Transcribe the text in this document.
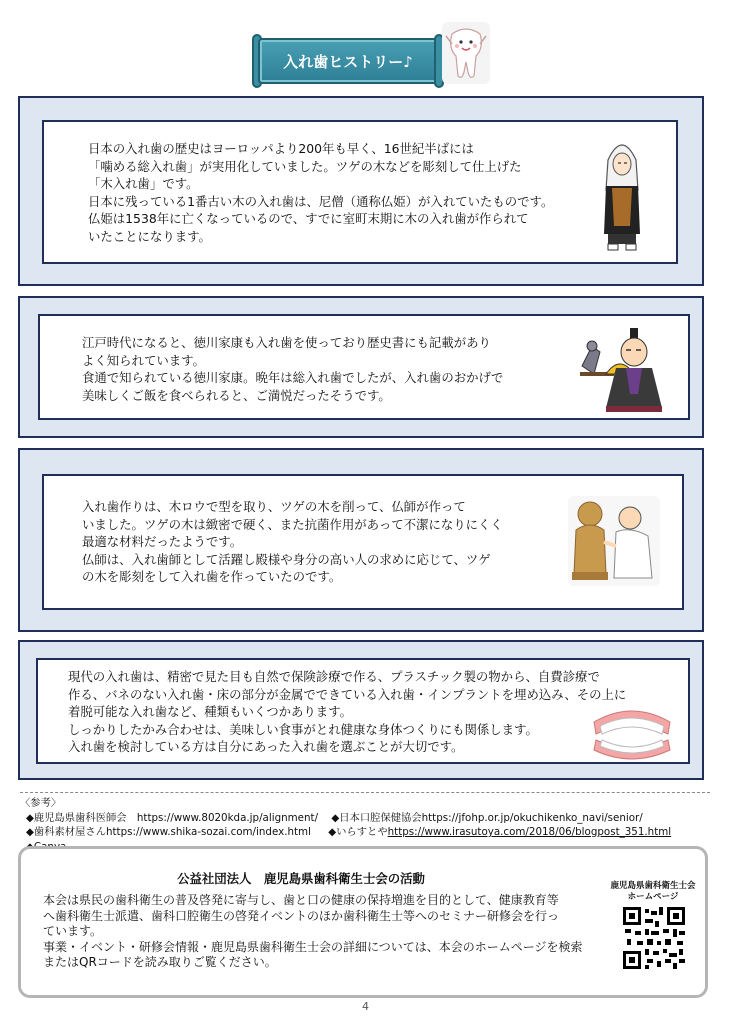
入れ歯ヒストリー♪

日本の入れ歯の歴史はヨーロッパより200年も早く、16世紀半ばには

「噛める総入れ歯」が実用化していました。ツゲの木などを彫刻して仕上げた

「木入れ歯」です。

日本に残っている1番古い木の入れ歯は、尼僧（通称仏姫）が入れていたものです。

仏姫は1538年に亡くなっているので、すでに室町末期に木の入れ歯が作られて

いたことになります。

江戸時代になると、徳川家康も入れ歯を使っており歴史書にも記載があり

よく知られています。

食通で知られている徳川家康。晩年は総入れ歯でしたが、入れ歯のおかげで

美味しくご飯を食べられると、ご満悦だったそうです。

入れ歯作りは、木ロウで型を取り、ツゲの木を削って、仏師が作って

いました。ツゲの木は緻密で硬く、また抗菌作用があって不潔になりにくく

最適な材料だったようです。

仏師は、入れ歯師として活躍し殿様や身分の高い人の求めに応じて、ツゲ

の木を彫刻をして入れ歯を作っていたのです。

現代の入れ歯は、精密で見た目も自然で保険診療で作る、プラスチック製の物から、自費診療で

作る、バネのない入れ歯・床の部分が金属でできている入れ歯・インプラントを埋め込み、その上に

着脱可能な入れ歯など、種類もいくつかあります。

しっかりしたかみ合わせは、美味しい食事がとれ健康な身体つくりにも関係します。

入れ歯を検討している方は自分にあった入れ歯を選ぶことが大切です。

〈参考〉
◆鹿児島県歯科医師会　https://www.8020kda.jp/alignment/ ◆日本口腔保健協会https://jfohp.or.jp/okuchikenko_navi/senior/
◆歯科素材屋さんhttps://www.shika-sozai.com/index.html ◆いらすとやhttps://www.irasutoya.com/2018/06/blogpost_351.html
公益社団法人　鹿児島県歯科衛生士会の活動

本会は県民の歯科衛生の普及啓発に寄与し、歯と口の健康の保持増進を目的として、健康教育等

へ歯科衛生士派遣、歯科口腔衛生の啓発イベントのほか歯科衛生士等へのセミナー研修会を行っ

ています。

事業・イベント・研修会情報・鹿児島県歯科衛生士会の詳細については、本会のホームページを検索

またはQRコードを読み取りご覧ください。

鹿児島県歯科衛生士会
ホームページ
4
